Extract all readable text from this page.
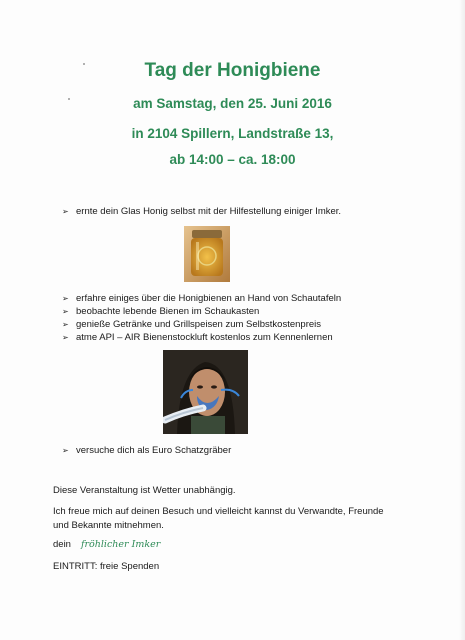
Tag der Honigbiene
am Samstag, den 25. Juni 2016
in 2104 Spillern, Landstraße 13,
ab 14:00 – ca. 18:00
➢ ernte dein Glas Honig selbst mit der Hilfestellung einiger Imker.
➢ erfahre einiges über die Honigbienen an Hand von Schautafeln
➢ beobachte lebende Bienen im Schaukasten
➢ genieße Getränke und Grillspeisen zum Selbstkostenpreis
➢ atme API – AIR Bienenstockluft kostenlos zum Kennenlernen
➢ versuche dich als Euro Schatzgräber
Diese Veranstaltung ist Wetter unabhängig.
Ich freue mich auf deinen Besuch und vielleicht kannst du Verwandte, Freunde und Bekannte mitnehmen.
dein fröhlicher Imker
EINTRITT: freie Spenden
